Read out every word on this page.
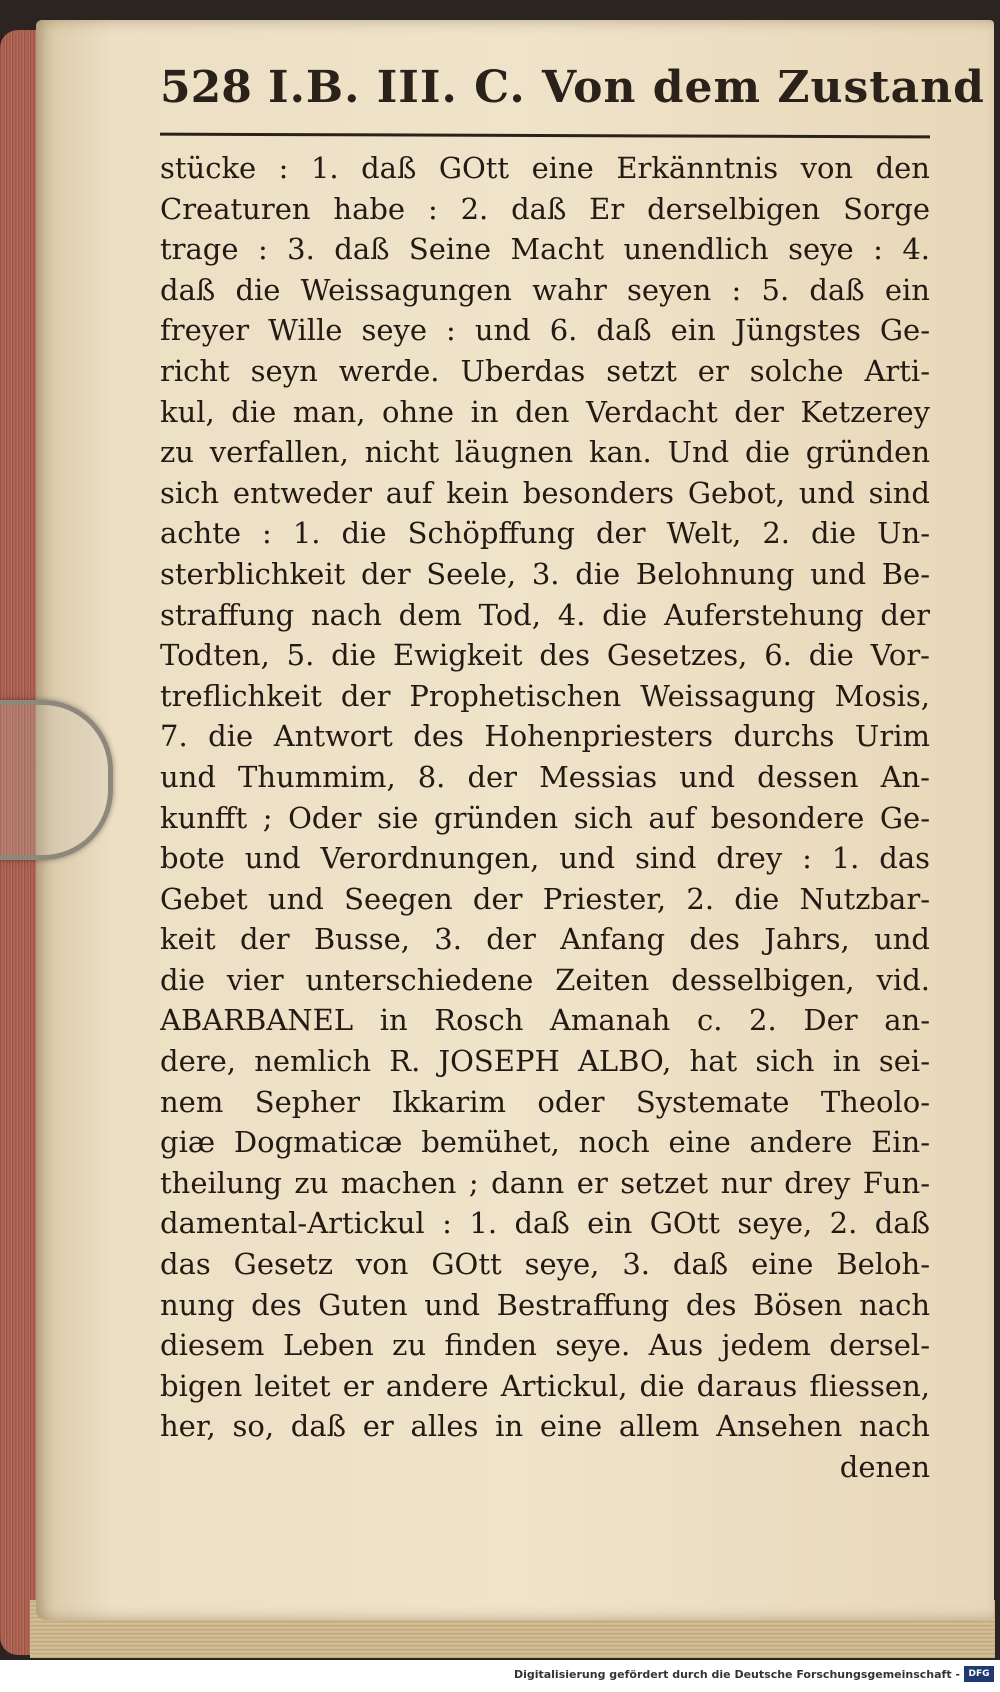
528 I.B. III. C. Von dem Zustand
stücke : 1. daß GOtt eine Erkänntnis von den
Creaturen habe : 2. daß Er derselbigen Sorge
trage : 3. daß Seine Macht unendlich seye : 4.
daß die Weissagungen wahr seyen : 5. daß ein
freyer Wille seye : und 6. daß ein Jüngstes Ge-
richt seyn werde. Uberdas setzt er solche Arti-
kul, die man, ohne in den Verdacht der Ketzerey
zu verfallen, nicht läugnen kan. Und die gründen
sich entweder auf kein besonders Gebot, und sind
achte : 1. die Schöpffung der Welt, 2. die Un-
sterblichkeit der Seele, 3. die Belohnung und Be-
straffung nach dem Tod, 4. die Auferstehung der
Todten, 5. die Ewigkeit des Gesetzes, 6. die Vor-
treflichkeit der Prophetischen Weissagung Mosis,
7. die Antwort des Hohenpriesters durchs Urim
und Thummim, 8. der Messias und dessen An-
kunfft ; Oder sie gründen sich auf besondere Ge-
bote und Verordnungen, und sind drey : 1. das
Gebet und Seegen der Priester, 2. die Nutzbar-
keit der Busse, 3. der Anfang des Jahrs, und
die vier unterschiedene Zeiten desselbigen, vid.
ABARBANEL in Rosch Amanah c. 2. Der an-
dere, nemlich R. JOSEPH ALBO, hat sich in sei-
nem Sepher Ikkarim oder Systemate Theolo-
giæ Dogmaticæ bemühet, noch eine andere Ein-
theilung zu machen ; dann er setzet nur drey Fun-
damental-Artickul : 1. daß ein GOtt seye, 2. daß
das Gesetz von GOtt seye, 3. daß eine Beloh-
nung des Guten und Bestraffung des Bösen nach
diesem Leben zu finden seye. Aus jedem dersel-
bigen leitet er andere Artickul, die daraus fliessen,
her, so, daß er alles in eine allem Ansehen nach
denen
Digitalisierung gefördert durch die Deutsche Forschungsgemeinschaft - DFG
